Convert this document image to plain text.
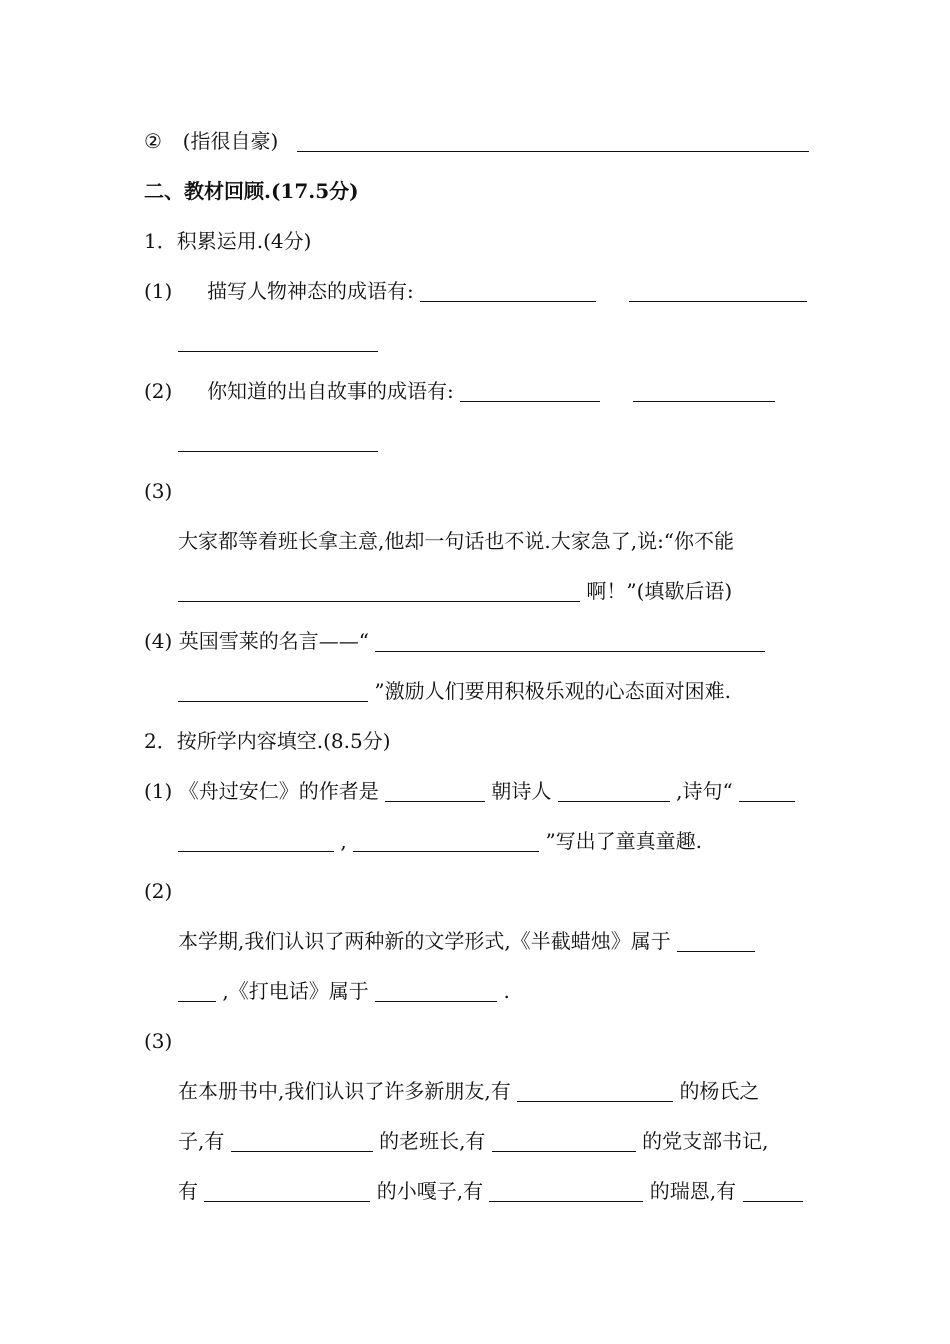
② (指很自豪)
二、教材回顾.(17.5分)
1．积累运用.(4分)
(1) 描写人物神态的成语有:
(2) 你知道的出自故事的成语有:
(3)
大家都等着班长拿主意,他却一句话也不说.大家急了,说:“你不能
啊！”(填歇后语)
(4) 英国雪莱的名言——“
”激励人们要用积极乐观的心态面对困难.
2．按所学内容填空.(8.5分)
(1) 《舟过安仁》的作者是	朝诗人	,诗句“
,	”写出了童真童趣.
(2)
本学期,我们认识了两种新的文学形式,《半截蜡烛》属于
,《打电话》属于	.
(3)
在本册书中,我们认识了许多新朋友,有	的杨氏之
子,有	的老班长,有	的党支部书记,
有	的小嘎子,有	的瑞恩,有
